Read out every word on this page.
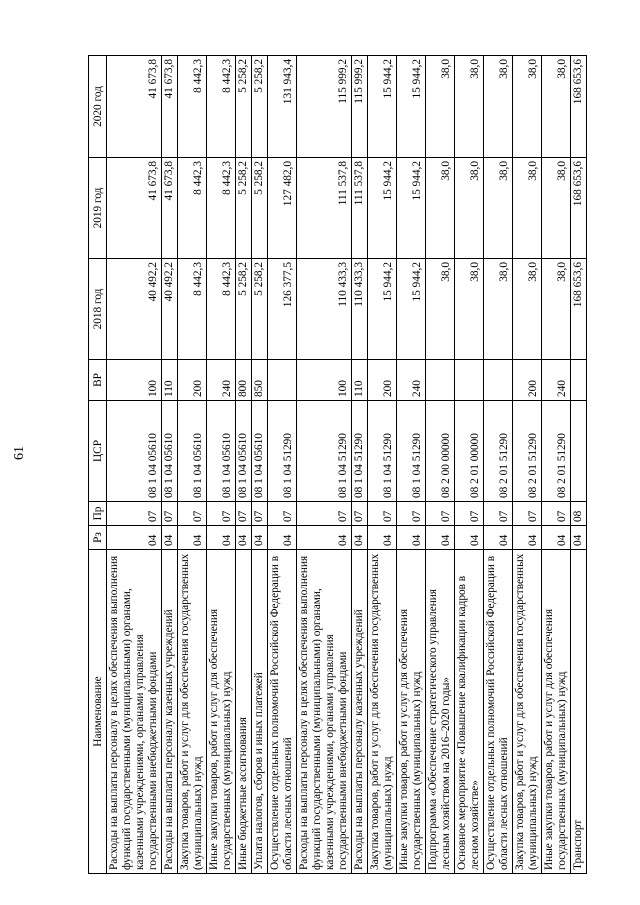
61
Наименование	Рз	Пр	ЦСР	ВР	2018 год	2019 год	2020 год
Расходы на выплаты персоналу в целях обеспечения выполнения функций государственными (муниципальными) органами, казенными учреждениями, органами управления государственными внебюджетными фондами	04	07	08 1 04 05610	100	40 492,2	41 673,8	41 673,8
Расходы на выплаты персоналу казенных учреждений	04	07	08 1 04 05610	110	40 492,2	41 673,8	41 673,8
Закупка товаров, работ и услуг для обеспечения государственных (муниципальных) нужд	04	07	08 1 04 05610	200	8 442,3	8 442,3	8 442,3
Иные закупки товаров, работ и услуг для обеспечения государственных (муниципальных) нужд	04	07	08 1 04 05610	240	8 442,3	8 442,3	8 442,3
Иные бюджетные ассигнования	04	07	08 1 04 05610	800	5 258,2	5 258,2	5 258,2
Уплата налогов, сборов и иных платежей	04	07	08 1 04 05610	850	5 258,2	5 258,2	5 258,2
Осуществление отдельных полномочий Российской Федерации в области лесных отношений	04	07	08 1 04 51290		126 377,5	127 482,0	131 943,4
Расходы на выплаты персоналу в целях обеспечения выполнения функций государственными (муниципальными) органами, казенными учреждениями, органами управления государственными внебюджетными фондами	04	07	08 1 04 51290	100	110 433,3	111 537,8	115 999,2
Расходы на выплаты персоналу казенных учреждений	04	07	08 1 04 51290	110	110 433,3	111 537,8	115 999,2
Закупка товаров, работ и услуг для обеспечения государственных (муниципальных) нужд	04	07	08 1 04 51290	200	15 944,2	15 944,2	15 944,2
Иные закупки товаров, работ и услуг для обеспечения государственных (муниципальных) нужд	04	07	08 1 04 51290	240	15 944,2	15 944,2	15 944,2
Подпрограмма «Обеспечение стратегического управления лесным хозяйством на 2016–2020 годы»	04	07	08 2 00 00000		38,0	38,0	38,0
Основное мероприятие «Повышение квалификации кадров в лесном хозяйстве»	04	07	08 2 01 00000		38,0	38,0	38,0
Осуществление отдельных полномочий Российской Федерации в области лесных отношений	04	07	08 2 01 51290		38,0	38,0	38,0
Закупка товаров, работ и услуг для обеспечения государственных (муниципальных) нужд	04	07	08 2 01 51290	200	38,0	38,0	38,0
Иные закупки товаров, работ и услуг для обеспечения государственных (муниципальных) нужд	04	07	08 2 01 51290	240	38,0	38,0	38,0
Транспорт	04	08			168 653,6	168 653,6	168 653,6
